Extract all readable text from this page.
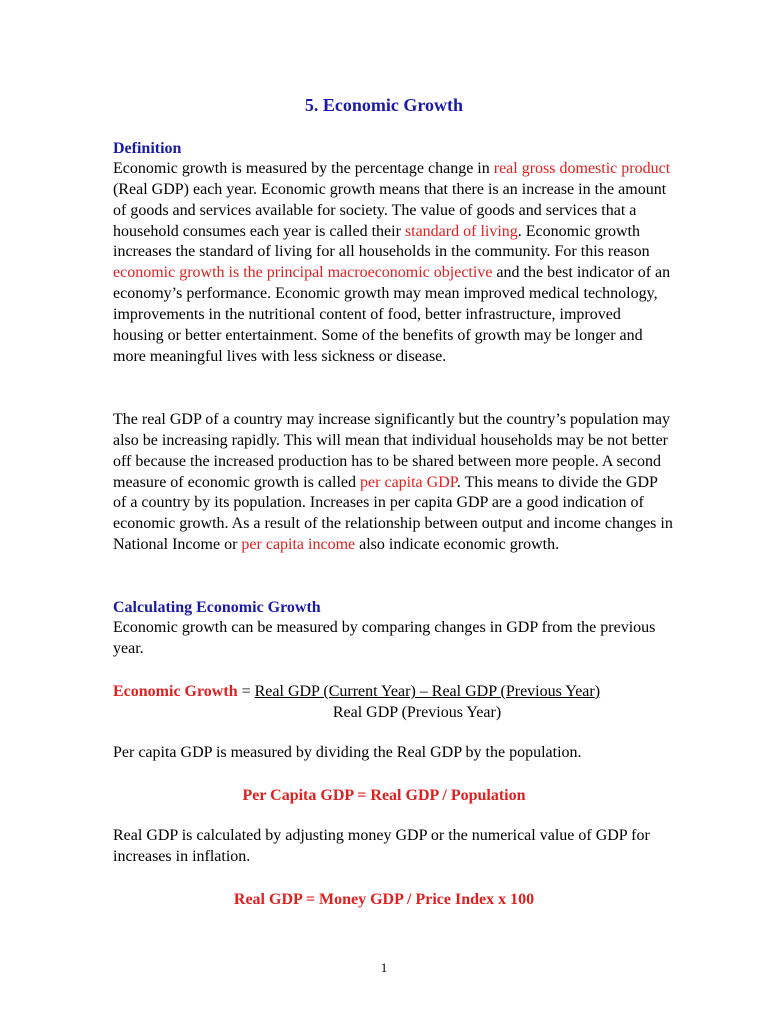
5. Economic Growth
Definition

Economic growth is measured by the percentage change in real gross domestic product (Real GDP) each year. Economic growth means that there is an increase in the amount of goods and services available for society. The value of goods and services that a household consumes each year is called their standard of living. Economic growth increases the standard of living for all households in the community. For this reason economic growth is the principal macroeconomic objective and the best indicator of an economy’s performance. Economic growth may mean improved medical technology, improvements in the nutritional content of food, better infrastructure, improved housing or better entertainment. Some of the benefits of growth may be longer and more meaningful lives with less sickness or disease.

The real GDP of a country may increase significantly but the country’s population may also be increasing rapidly. This will mean that individual households may be not better off because the increased production has to be shared between more people. A second measure of economic growth is called per capita GDP. This means to divide the GDP of a country by its population. Increases in per capita GDP are a good indication of economic growth. As a result of the relationship between output and income changes in National Income or per capita income also indicate economic growth.

Calculating Economic Growth

Economic growth can be measured by comparing changes in GDP from the previous year.

Economic Growth = Real GDP (Current Year) – Real GDP (Previous Year)
Real GDP (Previous Year)

Per capita GDP is measured by dividing the Real GDP by the population.

Per Capita GDP = Real GDP / Population

Real GDP is calculated by adjusting money GDP or the numerical value of GDP for increases in inflation.

Real GDP = Money GDP / Price Index x 100
1
